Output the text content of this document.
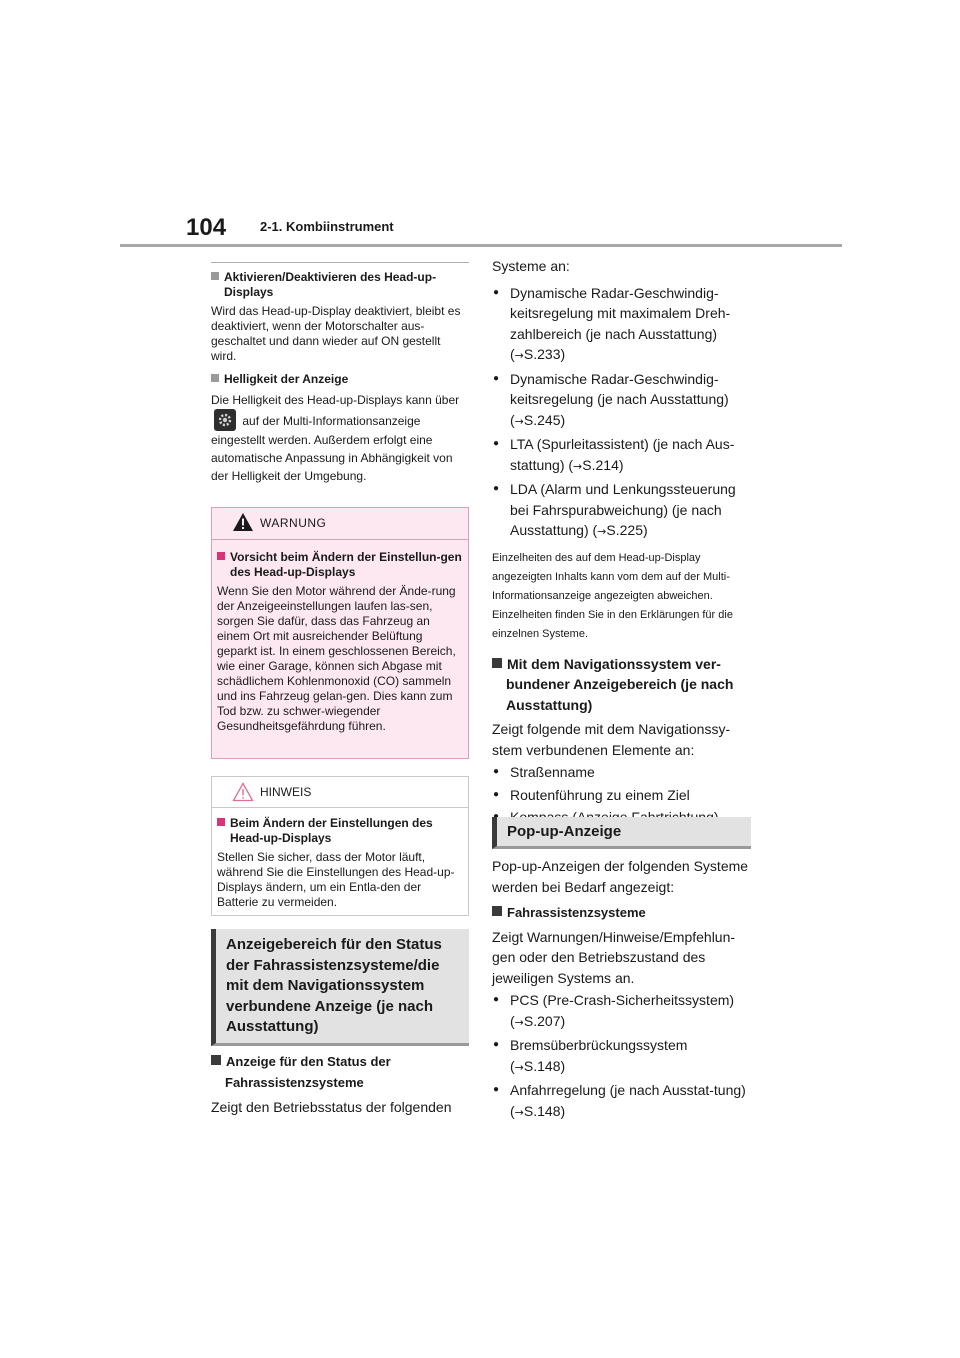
104	2-1. Kombiinstrument
Aktivieren/Deaktivieren des Head-up-Displays
Wird das Head-up-Display deaktiviert, bleibt es deaktiviert, wenn der Motorschalter aus-geschaltet und dann wieder auf ON gestellt wird.
Helligkeit der Anzeige
Die Helligkeit des Head-up-Displays kann über
auf der Multi-Informationsanzeige eingestellt werden. Außerdem erfolgt eine automatische Anpassung in Abhängigkeit von der Helligkeit der Umgebung.
WARNUNG
Vorsicht beim Ändern der Einstellun-gen des Head-up-Displays
Wenn Sie den Motor während der Ände-rung der Anzeigeeinstellungen laufen las-sen, sorgen Sie dafür, dass das Fahrzeug an einem Ort mit ausreichender Belüftung geparkt ist. In einem geschlossenen Bereich, wie einer Garage, können sich Abgase mit schädlichem Kohlenmonoxid (CO) sammeln und ins Fahrzeug gelan-gen. Dies kann zum Tod bzw. zu schwer-wiegender Gesundheitsgefährdung führen.
HINWEIS
Beim Ändern der Einstellungen des Head-up-Displays
Stellen Sie sicher, dass der Motor läuft, während Sie die Einstellungen des Head-up-Displays ändern, um ein Entla-den der Batterie zu vermeiden.
Anzeigebereich für den Status der Fahrassistenzsysteme/die mit dem Navigationssystem verbundene Anzeige (je nach Ausstattung)
Anzeige für den Status der Fahrassistenzsysteme
Zeigt den Betriebsstatus der folgenden
Systeme an:
● Dynamische Radar-Geschwindig-keitsregelung mit maximalem Dreh-zahlbereich (je nach Ausstattung)
(→S.233)
● Dynamische Radar-Geschwindig-keitsregelung (je nach Ausstattung)
(→S.245)
● LTA (Spurleitassistent) (je nach Aus-stattung) (→S.214)
● LDA (Alarm und Lenkungssteuerung bei Fahrspurabweichung) (je nach Ausstattung) (→S.225)
Einzelheiten des auf dem Head-up-Display angezeigten Inhalts kann vom dem auf der Multi-Informationsanzeige angezeigten abweichen. Einzelheiten finden Sie in den Erklärungen für die einzelnen Systeme.
Mit dem Navigationssystem ver-bundener Anzeigebereich (je nach Ausstattung)
Zeigt folgende mit dem Navigationssy-stem verbundenen Elemente an:
● Straßenname
● Routenführung zu einem Ziel
●
Pop-up-Anzeige
Pop-up-Anzeigen der folgenden Systeme werden bei Bedarf angezeigt:
Fahrassistenzsysteme
Zeigt Warnungen/Hinweise/Empfehlun-gen oder den Betriebszustand des jeweiligen Systems an.
● PCS (Pre-Crash-Sicherheitssystem)
(→S.207)
● Bremsüberbrückungssystem
(→S.148)
● Anfahrregelung (je nach Ausstat-tung) (→S.148)
